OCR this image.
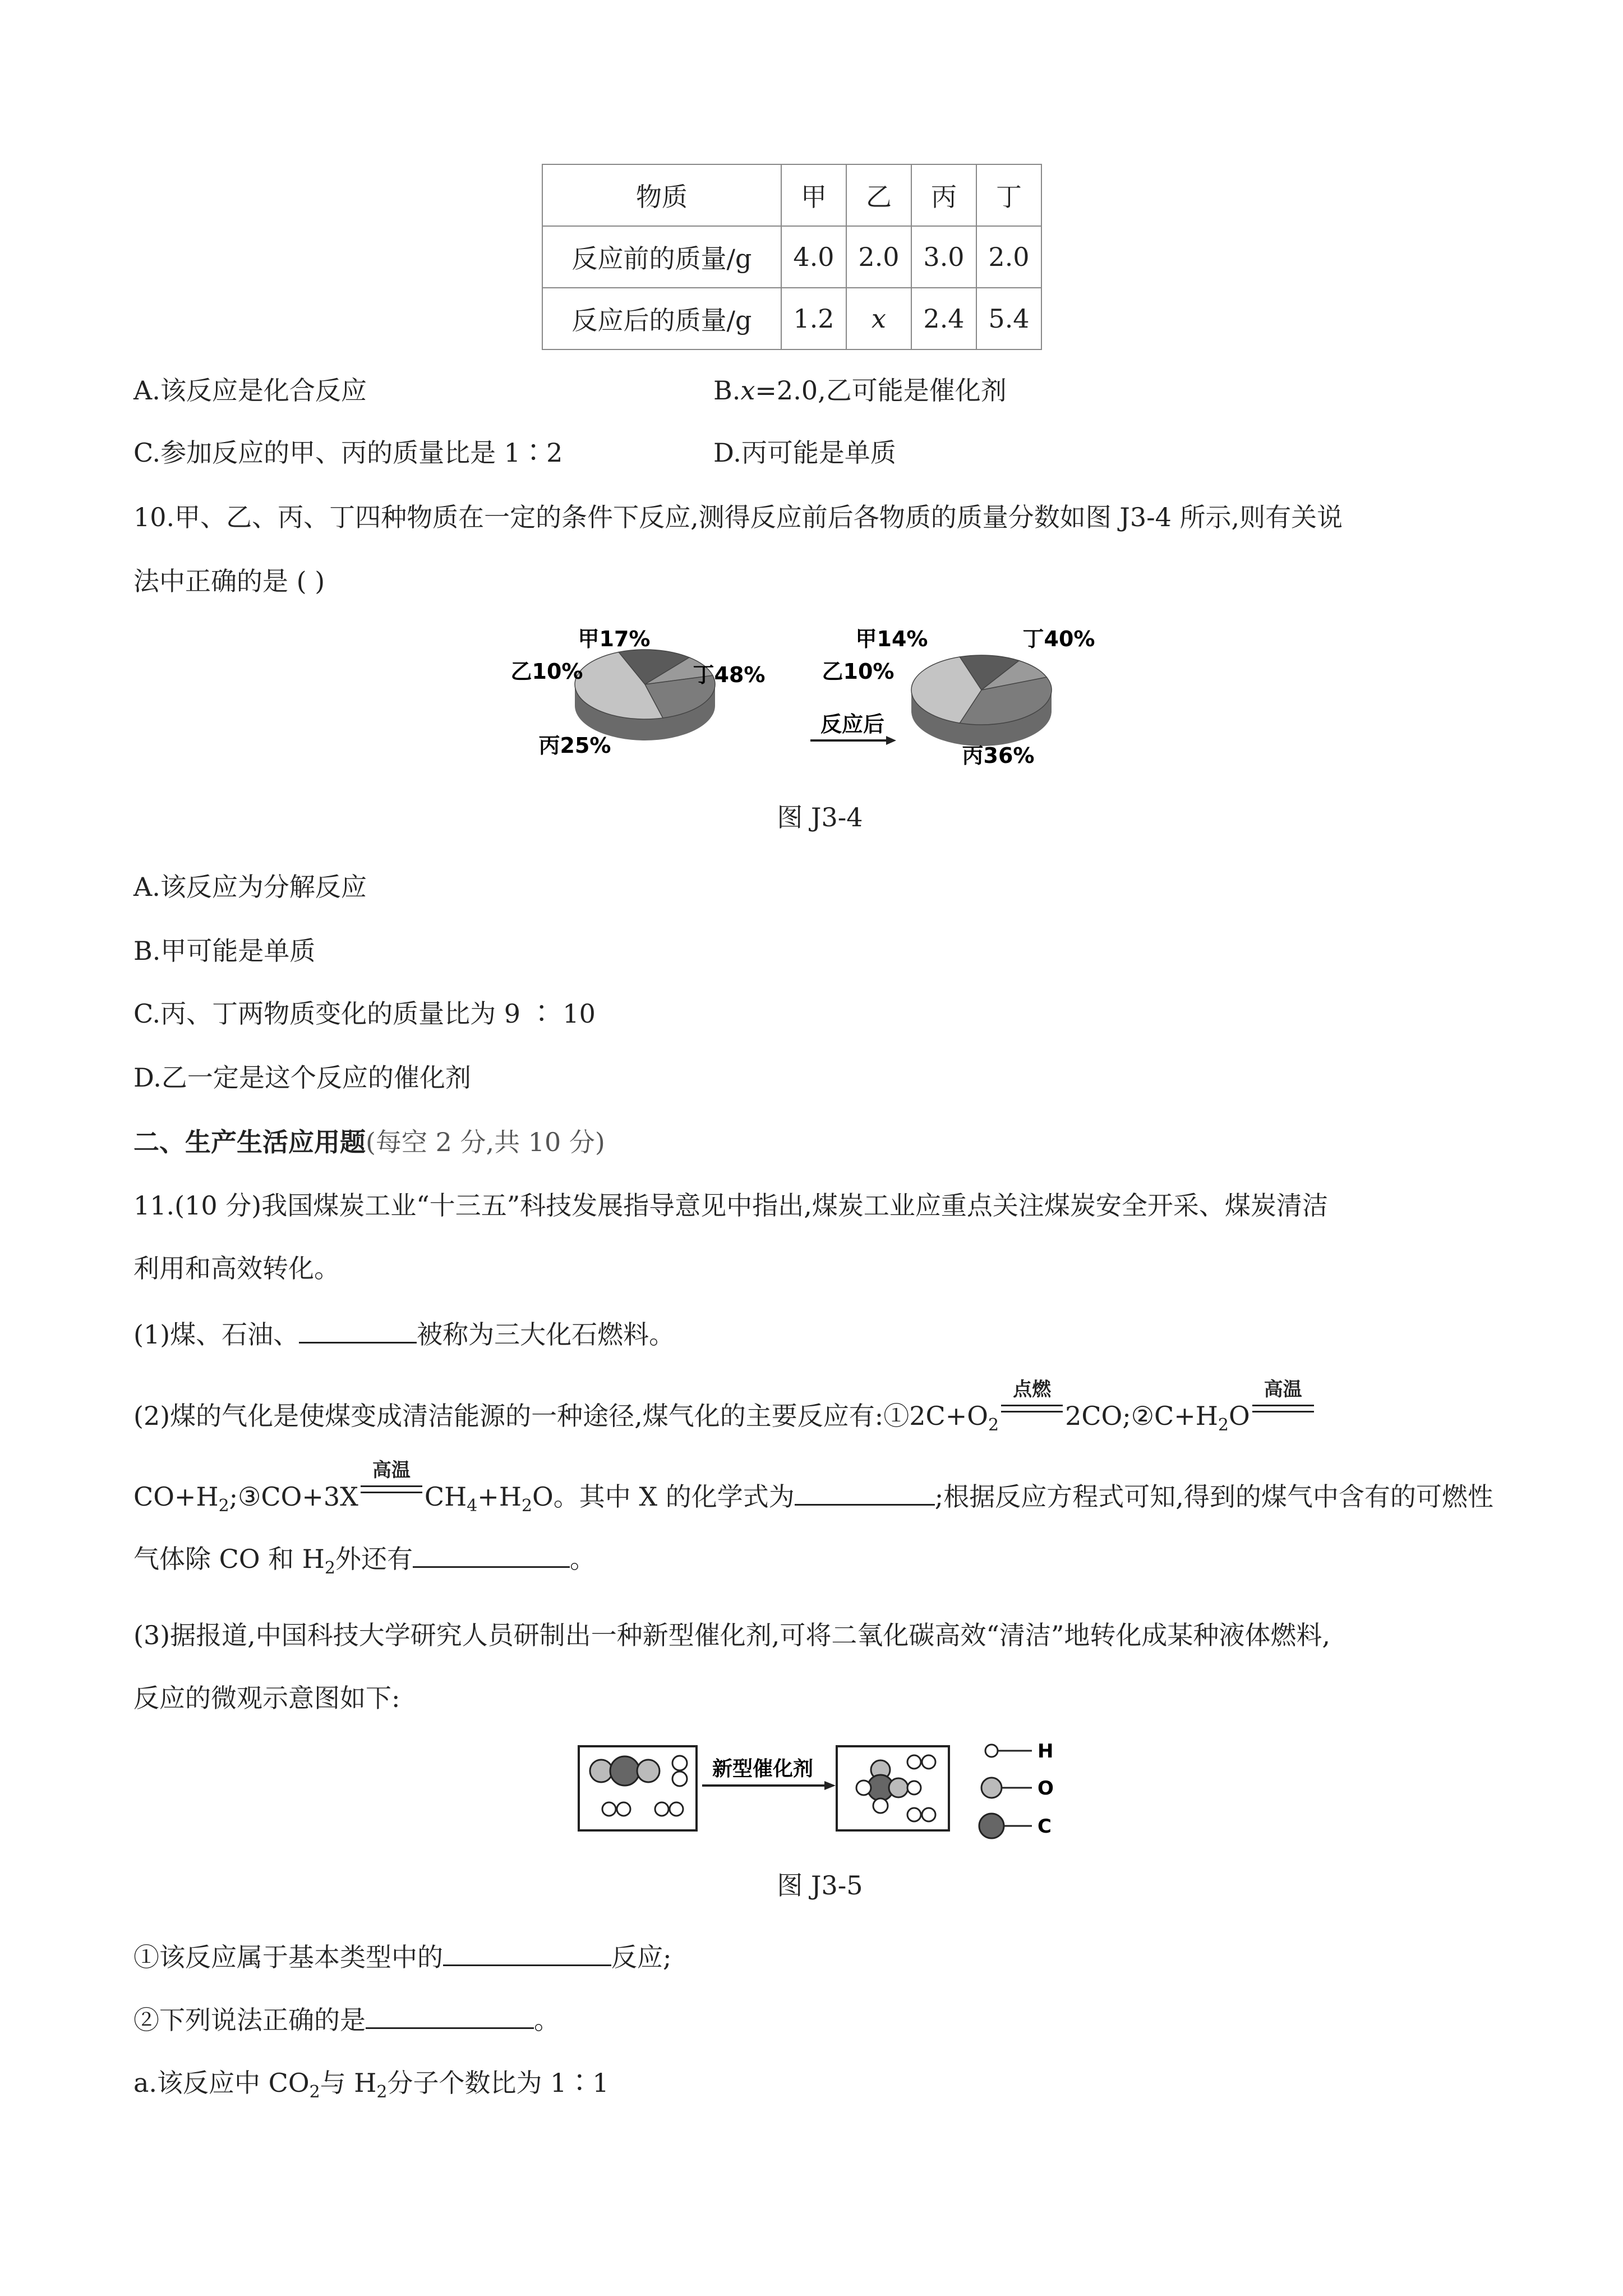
物质	甲	乙	丙	丁
反应前的质量/g	4.0	2.0	3.0	2.0
反应后的质量/g	1.2	x	2.4	5.4
A.该反应是化合反应	B.x=2.0,乙可能是催化剂
C.参加反应的甲、丙的质量比是 1∶2	D.丙可能是单质
10.甲、乙、丙、丁四种物质在一定的条件下反应,测得反应前后各物质的质量分数如图 J3-4 所示,则有关说
法中正确的是 ( )
反应后
甲17%
乙10%	丁48%
丙25%
甲14%
乙10%
丁40%
丙36%
图 J3-4
A.该反应为分解反应
B.甲可能是单质
C.丙、丁两物质变化的质量比为 9 ∶ 10
D.乙一定是这个反应的催化剂
二、生产生活应用题(每空 2 分,共 10 分)
11.(10 分)我国煤炭工业“十三五”科技发展指导意见中指出,煤炭工业应重点关注煤炭安全开采、煤炭清洁
利用和高效转化。
(1)煤、石油、	被称为三大化石燃料。
(2)煤的气化是使煤变成清洁能源的一种途径,煤气化的主要反应有$:①2C+O_2$
点燃
$2CO;②C+H_2O$
高温
$CO+H_2;③CO+3X$
高温
$CH_4+H_2O$。其中 X 的化学式为	;根据反应方程式可知,得到的煤气中含有的可燃性
气体除 CO 和 $H_2$外还有	。
(3)据报道,中国科技大学研究人员研制出一种新型催化剂,可将二氧化碳高效“清洁”地转化成某种液体燃料,
反应的微观示意图如下:
新型催化剂
H
O
C
图 J3-5
①该反应属于基本类型中的	反应;
②下列说法正确的是	。
a.该反应中 $CO_2$与 $H_2$分子个数比为 1∶1
